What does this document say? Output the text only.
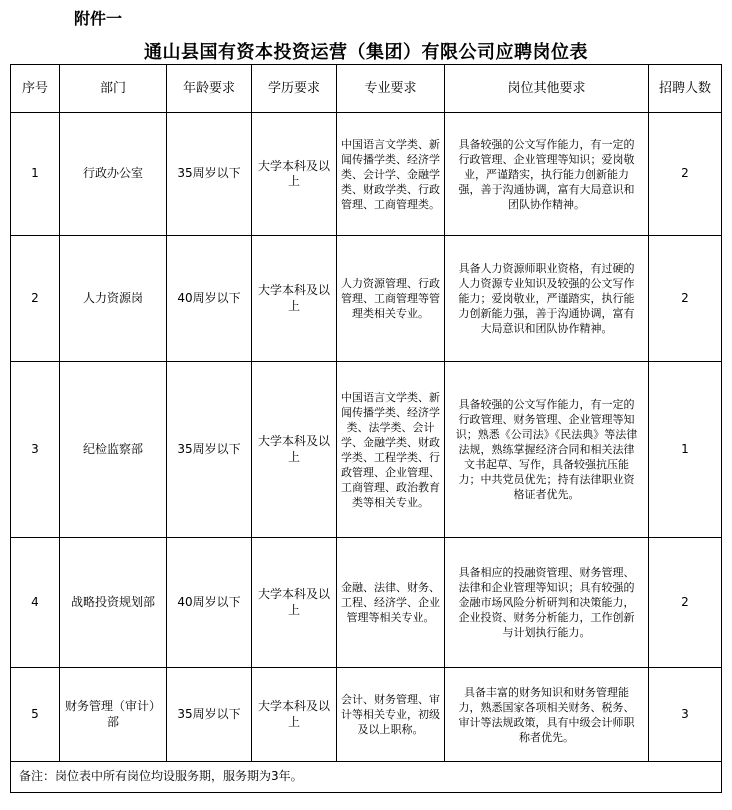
附件一
通山县国有资本投资运营（集团）有限公司应聘岗位表
序号	部门	年龄要求	学历要求	专业要求	岗位其他要求	招聘人数
1	行政办公室	35周岁以下	大学本科及以上	中国语言文学类、新闻传播学类、经济学类、会计学、金融学类、财政学类、行政管理、工商管理类。	具备较强的公文写作能力，有一定的行政管理、企业管理等知识；爱岗敬业，严谨踏实，执行能力创新能力强，善于沟通协调，富有大局意识和团队协作精神。	2
2	人力资源岗	40周岁以下	大学本科及以上	人力资源管理、行政管理、工商管理等管理类相关专业。	具备人力资源师职业资格，有过硬的人力资源专业知识及较强的公文写作能力；爱岗敬业，严谨踏实，执行能力创新能力强，善于沟通协调，富有大局意识和团队协作精神。	2
3	纪检监察部	35周岁以下	大学本科及以上	中国语言文学类、新闻传播学类、经济学类、法学类、会计学、金融学类、财政学类、工程学类、行政管理、企业管理、工商管理、政治教育类等相关专业。	具备较强的公文写作能力，有一定的行政管理、财务管理、企业管理等知识；熟悉《公司法》《民法典》等法律法规，熟练掌握经济合同和相关法律文书起草、写作，具备较强抗压能力；中共党员优先；持有法律职业资格证者优先。	1
4	战略投资规划部	40周岁以下	大学本科及以上	金融、法律、财务、工程、经济学、企业管理等相关专业。	具备相应的投融资管理、财务管理、法律和企业管理等知识；具有较强的金融市场风险分析研判和决策能力，企业投资、财务分析能力，工作创新与计划执行能力。	2
5	财务管理（审计）部	35周岁以下	大学本科及以上	会计、财务管理、审计等相关专业，初级及以上职称。	具备丰富的财务知识和财务管理能力，熟悉国家各项相关财务、税务、审计等法规政策，具有中级会计师职称者优先。	3
备注：岗位表中所有岗位均设服务期，服务期为3年。						
